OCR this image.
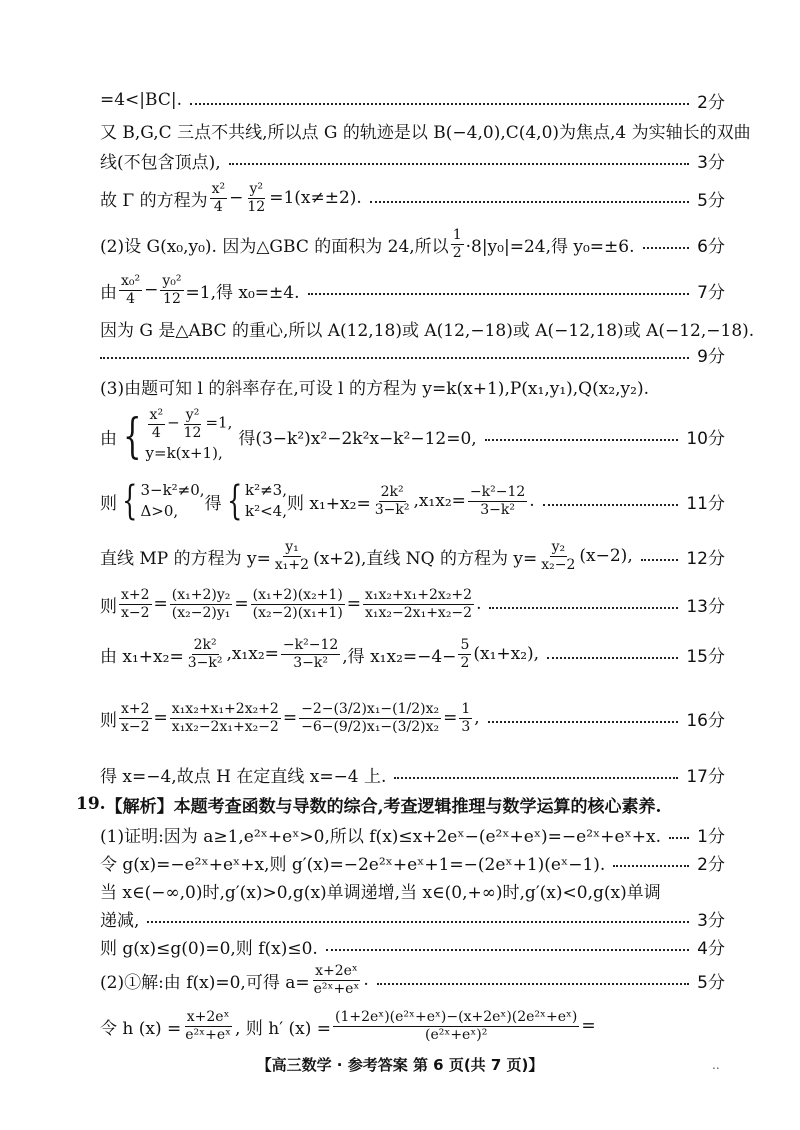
=4<|BC|.	2分
又 B,G,C 三点不共线,所以点 G 的轨迹是以 B(−4,0),C(4,0)为焦点,4 为实轴长的双曲
线(不包含顶点),	3分
故 Γ 的方程为 $\frac{\text{x²}}{4} - \frac{\text{y²}}{12} =1(x\ne\pm 2)$.	5分
(2)设 G(x₀,y₀). 因为△GBC 的面积为 24,所以 $\frac{1}{2} \cdot 8|y_0|=24$,得 y₀=±6.	6分
由 $\frac{\text{x₀²}}{4} - \frac{\text{y₀²}}{12} =1$,得 x₀=±4.	7分
因为 G 是△ABC 的重心,所以 A(12,18)或 A(12,−18)或 A(−12,18)或 A(−12,−18).
9分
(3)由题可知 l 的斜率存在,可设 l 的方程为 y=k(x+1),P(x₁,y₁),Q(x₂,y₂).
由 { $\frac{\text{x²}}{4} - \frac{\text{y²}}{12} =1$,
y=k(x+1),
得(3−k²)x²−2k²x−k²−12=0,	10分
则 { 3−k²≠0,
Δ>0,	得 { k²≠3,
k²<4, 则 $x_1+x_2= \frac{\text{2k²}}{\text{3−k²}} ,x_1x_2= \frac{\text{−k²−12}}{\text{3−k²}}$ .	11分
直线 MP 的方程为 $y= \frac{\text{y₁}}{\text{x₁+2}} (x+2)$,直线 NQ 的方程为 $y= \frac{\text{y₂}}{\text{x₂−2}} (x-2)$,	12分
则 $\frac{x+2}{x-2} = \frac{\text{(x₁+2)y₂}}{\text{(x₂−2)y₁}} = \frac{\text{(x₁+2)(x₂+1)}}{\text{(x₂−2)(x₁+1)}} = \frac{\text{x₁x₂+x₁+2x₂+2}}{\text{x₁x₂−2x₁+x₂−2}}$ .	13分
由 $x_1+x_2= \frac{\text{2k²}}{\text{3−k²}} ,x_1x_2= \frac{\text{−k²−12}}{\text{3−k²}}$ ,得 $x_1x_2=-4- \frac{5}{2} (x_1+x_2)$,	15分
则 $\frac{x+2}{x-2} = \frac{\text{x₁x₂+x₁+2x₂+2}}{\text{x₁x₂−2x₁+x₂−2}} = \frac{\text{−2−(3/2)x₁−(1/2)x₂}}{\text{−6−(9/2)x₁−(3/2)x₂}} = \frac{1}{3}$ ,	16分
得 x=−4,故点 H 在定直线 x=−4 上.	17分
19. 【解析】 本题考查函数与导数的综合,考查逻辑推理与数学运算的核心素养.
(1)证明:因为 a≥1,e²ˣ+eˣ>0,所以 f(x)≤x+2eˣ−(e²ˣ+eˣ)=−e²ˣ+eˣ+x. 1分
令 g(x)=−e²ˣ+eˣ+x,则 g′(x)=−2e²ˣ+eˣ+1=−(2eˣ+1)(eˣ−1).	2分
当 x∈(−∞,0)时,g′(x)>0,g(x)单调递增,当 x∈(0,+∞)时,g′(x)<0,g(x)单调
递减,	3分
则 g(x)≤g(0)=0,则 f(x)≤0.	4分
(2)①解:由 f(x)=0,可得 $a= \frac{\text{x+2eˣ}}{\text{e²ˣ+eˣ}}$ .	5分
令 h $(x) = \frac{\text{x+2eˣ}}{\text{e²ˣ+eˣ}}$ , 则 h′ $(x) = \frac{\text{(1+2eˣ)(e²ˣ+eˣ)−(x+2eˣ)(2e²ˣ+eˣ)}}{\text{(e²ˣ+eˣ)²}}$ =
【高三数学 · 参考答案 第 6 页(共 7 页)】	..
